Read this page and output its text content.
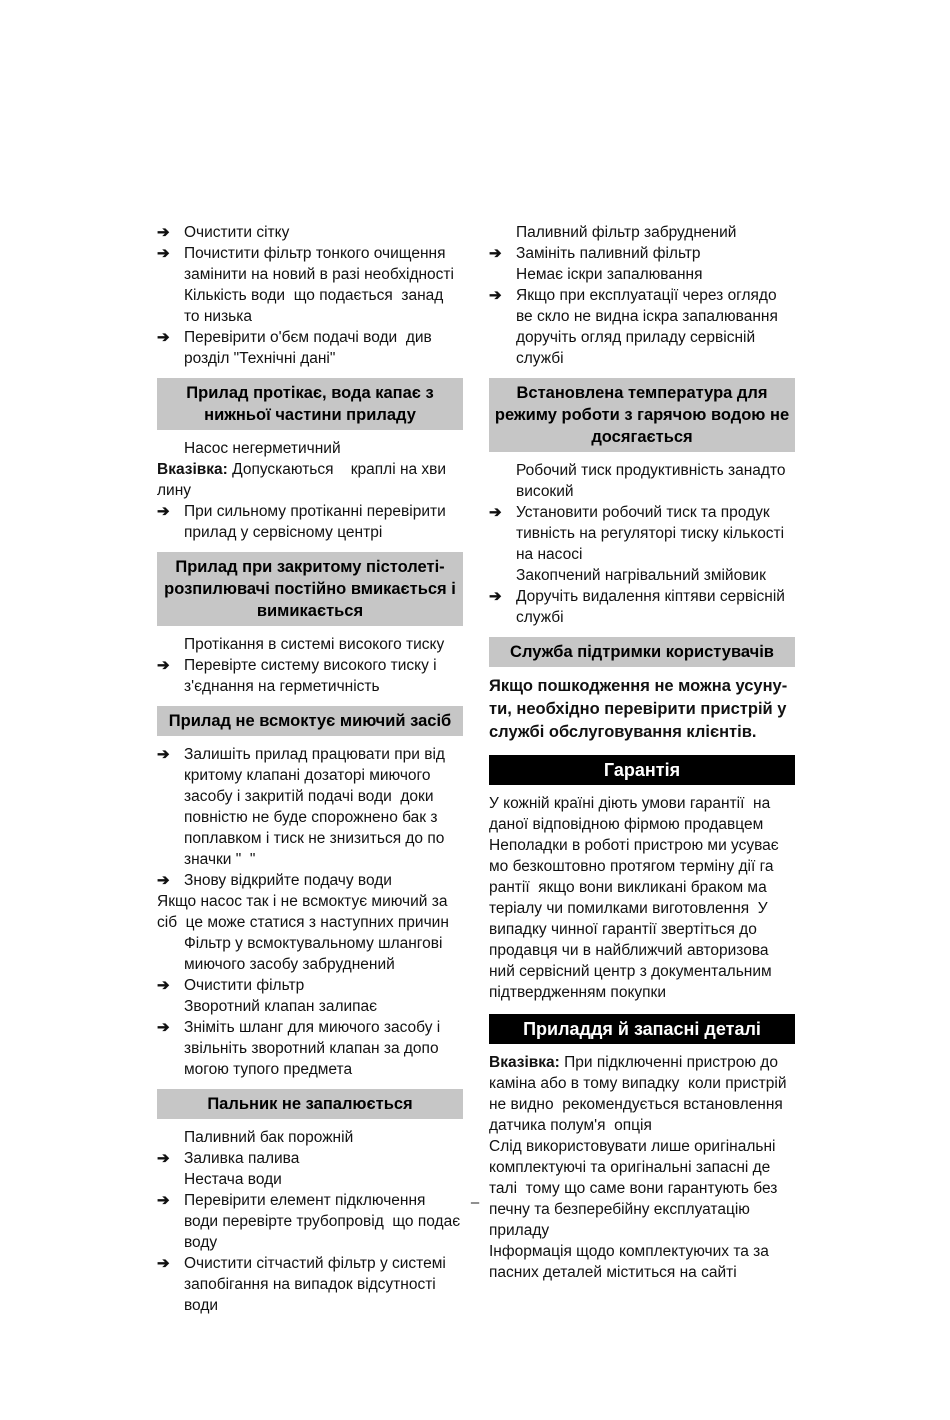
➔ Очистити сітку
➔ Почистити фільтр тонкого очищення замінити на новий в разі необхідності
Кількість води  що подається  занад то низька
➔ Перевірити о'бєм подачі води  див розділ "Технічні дані"
Прилад протікає, вода капає з нижньої частини приладу
Насос негерметичний

Вказівка: Допускаються    краплі на хви лину

➔ При сильному протіканні перевірити прилад у сервісному центрі
Прилад при закритому пістолеті-розпилювачі постійно вмикається і вимикається
Протікання в системі високого тиску
➔ Перевірте систему високого тиску і з'єднання на герметичність
Прилад не всмоктує миючий засіб
➔ Залишіть прилад працювати при від критому клапані дозаторі миючого засобу і закритій подачі води  доки повністю не буде спорожнено бак з поплавком і тиск не знизиться до по значки "  "
➔ Знову відкрийте подачу води

Якщо насос так і не всмоктує миючий за сіб  це може статися з наступних причин

Фільтр у всмоктувальному шлангові миючого засобу забруднений
➔ Очистити фільтр
Зворотний клапан залипає
➔ Зніміть шланг для миючого засобу і звільніть зворотний клапан за допо могою тупого предмета
Пальник не запалюється
Паливний бак порожній
➔ Заливка палива
Нестача води
➔ Перевірити елемент підключення води перевірте трубопровід  що подає воду
➔ Очистити сітчастий фільтр у системі запобігання на випадок відсутності води
Паливний фільтр забруднений
➔ Замініть паливний фільтр
Немає іскри запалювання
➔ Якщо при експлуатації через оглядо ве скло не видна іскра запалювання доручіть огляд приладу сервісній службі
Встановлена температура для режиму роботи з гарячою водою не досягається
Робочий тиск продуктивність занадто високий
➔ Установити робочий тиск та продук тивність на регуляторі тиску кількості на насосі
Закопчений нагрівальний змійовик
➔ Доручіть видалення кіптяви сервісній службі
Служба підтримки користувачів

Якщо пошкодження не можна усуну-ти, необхідно перевірити пристрій у службі обслуговування клієнтів.

Гарантія

У кожній країні діють умови гарантії  на даної відповідною фірмою продавцем Неполадки в роботі пристрою ми усуває мо безкоштовно протягом терміну дії га рантії  якщо вони викликані браком ма теріалу чи помилками виготовлення  У випадку чинної гарантії звертіться до продавця чи в найближчий авторизова ний сервісний центр з документальним підтвердженням покупки

Приладдя й запасні деталі

Вказівка: При підключенні пристрою до каміна або в тому випадку  коли пристрій не видно  рекомендується встановлення датчика полум'я  опція

Слід використовувати лише оригінальні комплектуючі та оригінальні запасні де талі  тому що саме вони гарантують без печну та безперебійну експлуатацію приладу

Інформація щодо комплектуючих та за пасних деталей міститься на сайті

–
